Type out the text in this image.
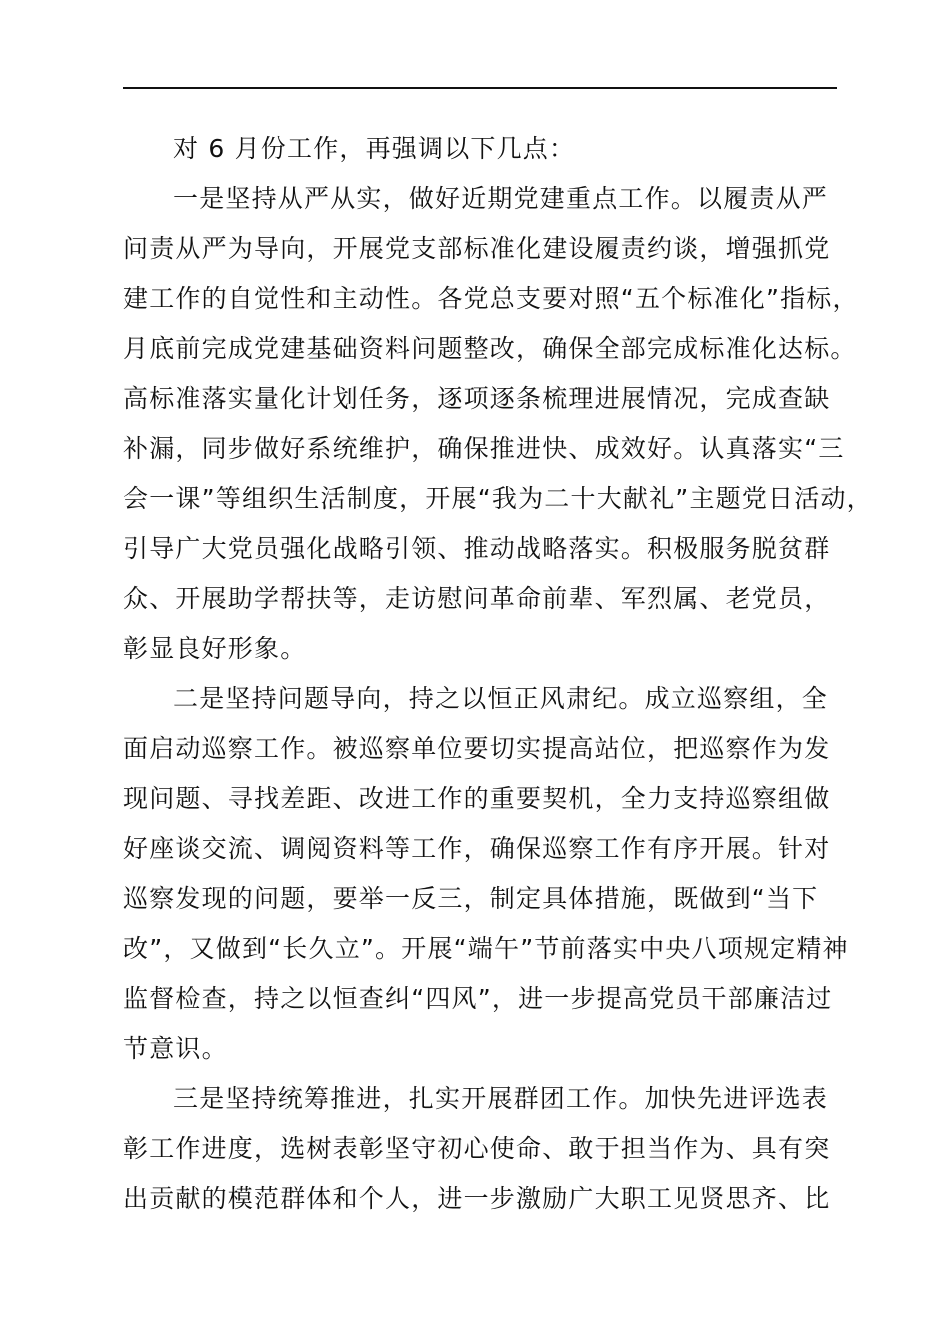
对 6 月份工作，再强调以下几点：
一是坚持从严从实，做好近期党建重点工作。以履责从严
问责从严为导向，开展党支部标准化建设履责约谈，增强抓党
建工作的自觉性和主动性。各党总支要对照“五个标准化”指标，
月底前完成党建基础资料问题整改，确保全部完成标准化达标。
高标准落实量化计划任务，逐项逐条梳理进展情况，完成查缺
补漏，同步做好系统维护，确保推进快、成效好。认真落实“三
会一课”等组织生活制度，开展“我为二十大献礼”主题党日活动，
引导广大党员强化战略引领、推动战略落实。积极服务脱贫群
众、开展助学帮扶等，走访慰问革命前辈、军烈属、老党员，
彰显良好形象。
二是坚持问题导向，持之以恒正风肃纪。成立巡察组，全
面启动巡察工作。被巡察单位要切实提高站位，把巡察作为发
现问题、寻找差距、改进工作的重要契机，全力支持巡察组做
好座谈交流、调阅资料等工作，确保巡察工作有序开展。针对
巡察发现的问题，要举一反三，制定具体措施，既做到“当下
改”，又做到“长久立”。开展“端午”节前落实中央八项规定精神
监督检查，持之以恒查纠“四风”，进一步提高党员干部廉洁过
节意识。
三是坚持统筹推进，扎实开展群团工作。加快先进评选表
彰工作进度，选树表彰坚守初心使命、敢于担当作为、具有突
出贡献的模范群体和个人，进一步激励广大职工见贤思齐、比
